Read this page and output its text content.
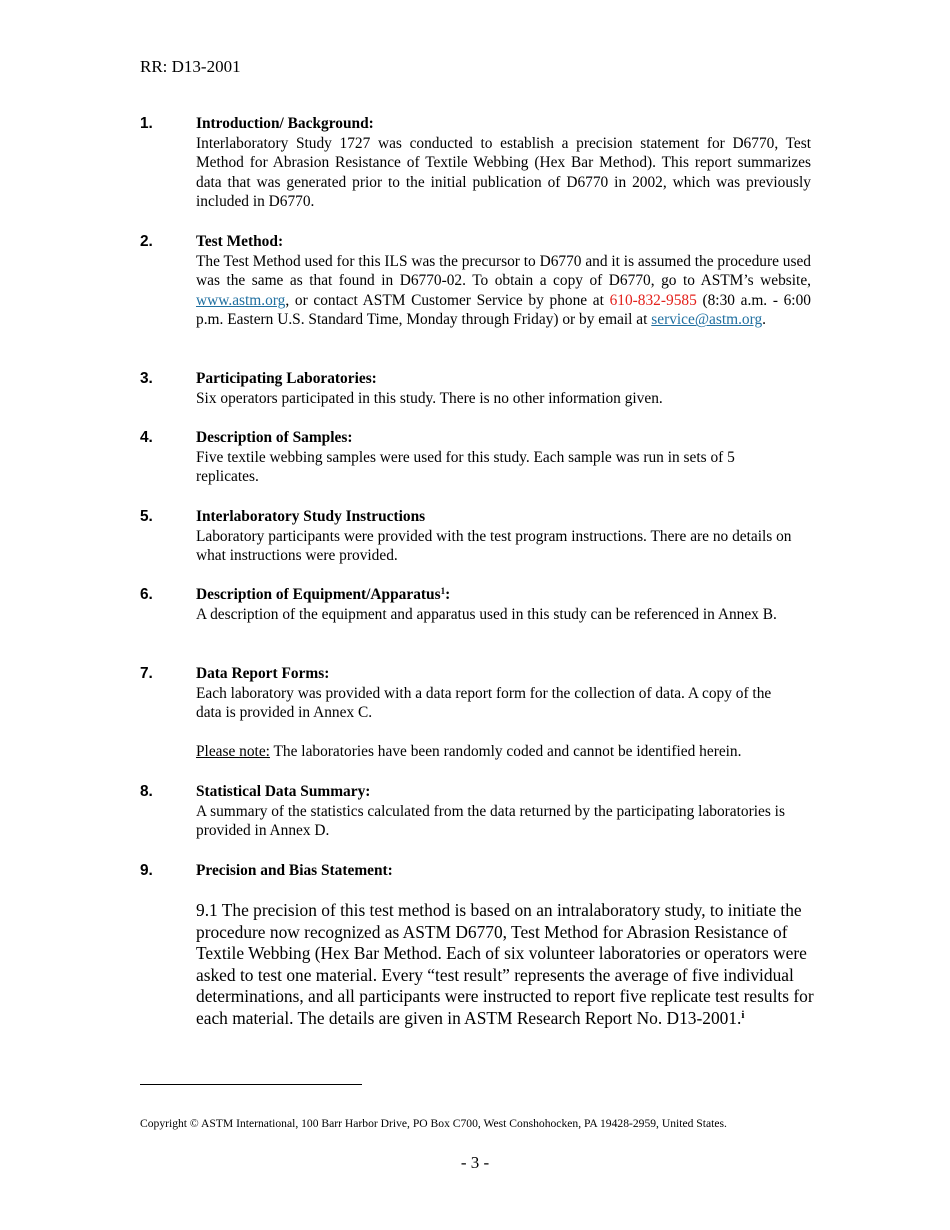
RR: D13-2001
1.	Introduction/ Background:
Interlaboratory Study 1727 was conducted to establish a precision statement for D6770, Test Method for Abrasion Resistance of Textile Webbing (Hex Bar Method). This report summarizes data that was generated prior to the initial publication of D6770 in 2002, which was previously included in D6770.
2.	Test Method:
The Test Method used for this ILS was the precursor to D6770 and it is assumed the procedure used was the same as that found in D6770-02. To obtain a copy of D6770, go to ASTM’s website, www.astm.org, or contact ASTM Customer Service by phone at 610-832-9585 (8:30 a.m. - 6:00 p.m. Eastern U.S. Standard Time, Monday through Friday) or by email at service@astm.org.
3.	Participating Laboratories:
Six operators participated in this study. There is no other information given.
4.	Description of Samples:
Five textile webbing samples were used for this study. Each sample was run in sets of 5 replicates.
5.	Interlaboratory Study Instructions
Laboratory participants were provided with the test program instructions. There are no details on what instructions were provided.
6.	Description of Equipment/Apparatus$^1$:
A description of the equipment and apparatus used in this study can be referenced in Annex B.
7.	Data Report Forms:
Each laboratory was provided with a data report form for the collection of data. A copy of the data is provided in Annex C.
Please note: The laboratories have been randomly coded and cannot be identified herein.
8.	Statistical Data Summary:
A summary of the statistics calculated from the data returned by the participating laboratories is provided in Annex D.
9.	Precision and Bias Statement:
9.1 The precision of this test method is based on an intralaboratory study, to initiate the procedure now recognized as ASTM D6770, Test Method for Abrasion Resistance of Textile Webbing (Hex Bar Method. Each of six volunteer laboratories or operators were asked to test one material. Every “test result” represents the average of five individual determinations, and all participants were instructed to report five replicate test results for each material. The details are given in ASTM Research Report No. D13-2001.$^i$
Copyright © ASTM International, 100 Barr Harbor Drive, PO Box C700, West Conshohocken, PA 19428-2959, United States.
- 3 -
